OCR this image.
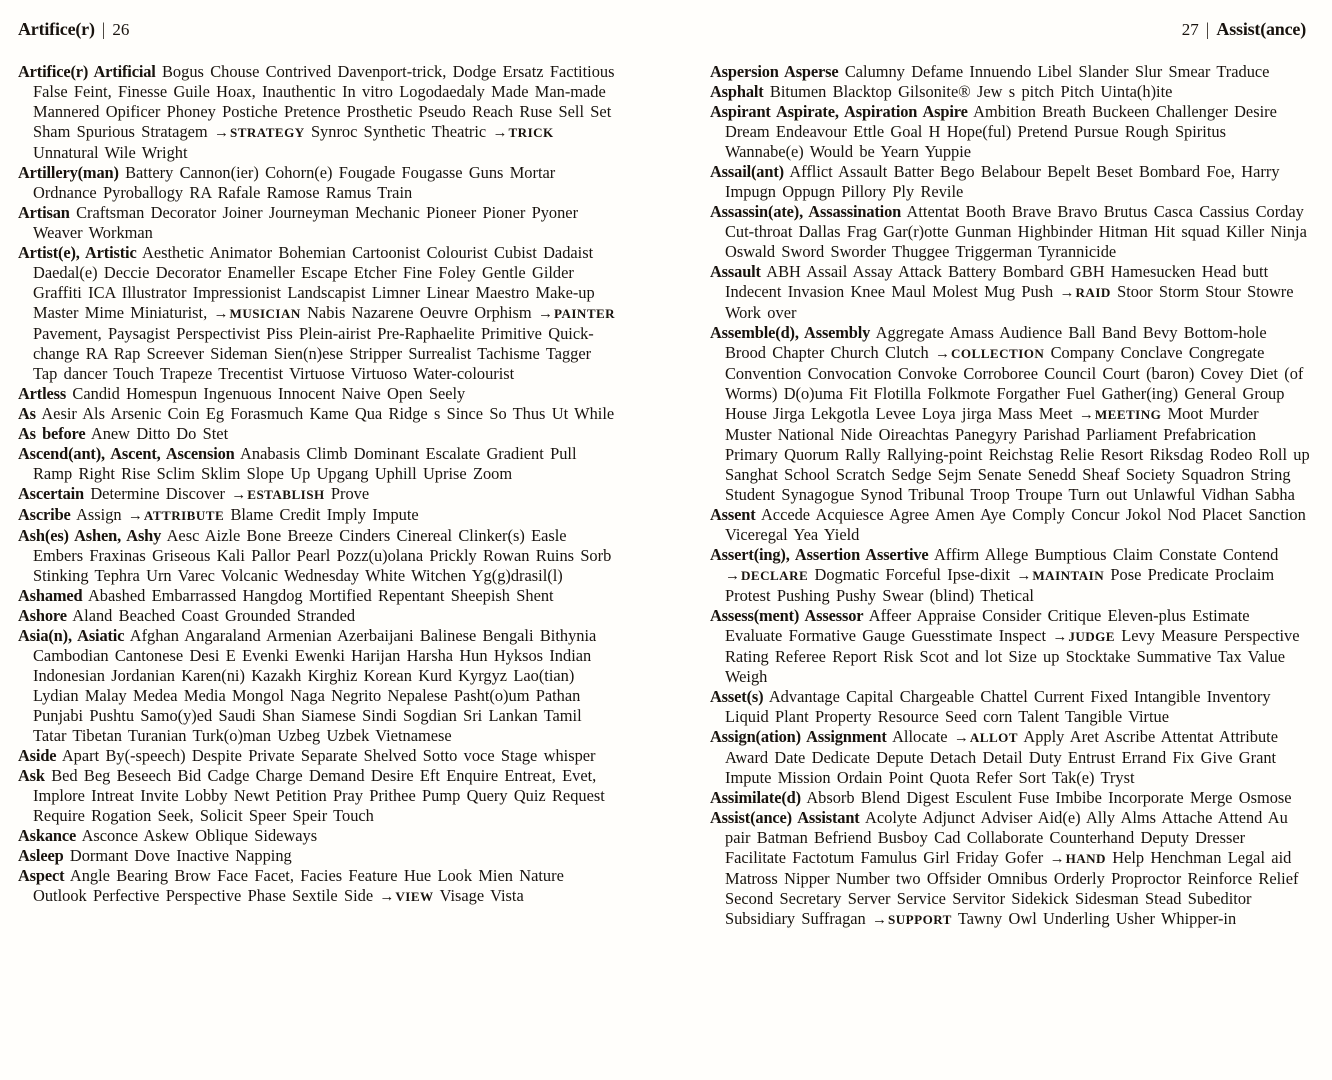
Artifice(r) | 26	27 | Assist(ance)

Artifice(r) Artificial Bogus Chouse Contrived Davenport-trick, Dodge Ersatz Factitious False Feint, Finesse Guile Hoax, Inauthentic In vitro Logodaedaly Made Man-made Mannered Opificer Phoney Postiche Pretence Prosthetic Pseudo Reach Ruse Sell Set Sham Spurious Stratagem →STRATEGY Synroc Synthetic Theatric →TRICK Unnatural Wile Wright

Artillery(man) Battery Cannon(ier) Cohorn(e) Fougade Fougasse Guns Mortar Ordnance Pyroballogy RA Rafale Ramose Ramus Train

Artisan Craftsman Decorator Joiner Journeyman Mechanic Pioneer Pioner Pyoner Weaver Workman

Artist(e), Artistic Aesthetic Animator Bohemian Cartoonist Colourist Cubist Dadaist Daedal(e) Deccie Decorator Enameller Escape Etcher Fine Foley Gentle Gilder Graffiti ICA Illustrator Impressionist Landscapist Limner Linear Maestro Make-up Master Mime Miniaturist, →MUSICIAN Nabis Nazarene Oeuvre Orphism →PAINTER Pavement, Paysagist Perspectivist Piss Plein-airist Pre-Raphaelite Primitive Quick-change RA Rap Screever Sideman Sien(n)ese Stripper Surrealist Tachisme Tagger Tap dancer Touch Trapeze Trecentist Virtuose Virtuoso Water-colourist

Artless Candid Homespun Ingenuous Innocent Naive Open Seely

As Aesir Als Arsenic Coin Eg Forasmuch Kame Qua Ridge s Since So Thus Ut While

As before Anew Ditto Do Stet

Ascend(ant), Ascent, Ascension Anabasis Climb Dominant Escalate Gradient Pull Ramp Right Rise Sclim Sklim Slope Up Upgang Uphill Uprise Zoom

Ascertain Determine Discover →ESTABLISH Prove

Ascribe Assign →ATTRIBUTE Blame Credit Imply Impute

Ash(es) Ashen, Ashy Aesc Aizle Bone Breeze Cinders Cinereal Clinker(s) Easle Embers Fraxinas Griseous Kali Pallor Pearl Pozz(u)olana Prickly Rowan Ruins Sorb Stinking Tephra Urn Varec Volcanic Wednesday White Witchen Yg(g)drasil(l)

Ashamed Abashed Embarrassed Hangdog Mortified Repentant Sheepish Shent

Ashore Aland Beached Coast Grounded Stranded

Asia(n), Asiatic Afghan Angaraland Armenian Azerbaijani Balinese Bengali Bithynia Cambodian Cantonese Desi E Evenki Ewenki Harijan Harsha Hun Hyksos Indian Indonesian Jordanian Karen(ni) Kazakh Kirghiz Korean Kurd Kyrgyz Lao(tian) Lydian Malay Medea Media Mongol Naga Negrito Nepalese Pasht(o)um Pathan Punjabi Pushtu Samo(y)ed Saudi Shan Siamese Sindi Sogdian Sri Lankan Tamil Tatar Tibetan Turanian Turk(o)man Uzbeg Uzbek Vietnamese

Aside Apart By(-speech) Despite Private Separate Shelved Sotto voce Stage whisper

Ask Bed Beg Beseech Bid Cadge Charge Demand Desire Eft Enquire Entreat, Evet, Implore Intreat Invite Lobby Newt Petition Pray Prithee Pump Query Quiz Request Require Rogation Seek, Solicit Speer Speir Touch

Askance Asconce Askew Oblique Sideways

Asleep Dormant Dove Inactive Napping

Aspect Angle Bearing Brow Face Facet, Facies Feature Hue Look Mien Nature Outlook Perfective Perspective Phase Sextile Side →VIEW Visage Vista

Aspersion Asperse Calumny Defame Innuendo Libel Slander Slur Smear Traduce

Asphalt Bitumen Blacktop Gilsonite® Jew s pitch Pitch Uinta(h)ite

Aspirant Aspirate, Aspiration Aspire Ambition Breath Buckeen Challenger Desire Dream Endeavour Ettle Goal H Hope(ful) Pretend Pursue Rough Spiritus Wannabe(e) Would be Yearn Yuppie

Assail(ant) Afflict Assault Batter Bego Belabour Bepelt Beset Bombard Foe, Harry Impugn Oppugn Pillory Ply Revile

Assassin(ate), Assassination Attentat Booth Brave Bravo Brutus Casca Cassius Corday Cut-throat Dallas Frag Gar(r)otte Gunman Highbinder Hitman Hit squad Killer Ninja Oswald Sword Sworder Thuggee Triggerman Tyrannicide

Assault ABH Assail Assay Attack Battery Bombard GBH Hamesucken Head butt Indecent Invasion Knee Maul Molest Mug Push →RAID Stoor Storm Stour Stowre Work over

Assemble(d), Assembly Aggregate Amass Audience Ball Band Bevy Bottom-hole Brood Chapter Church Clutch →COLLECTION Company Conclave Congregate Convention Convocation Convoke Corroboree Council Court (baron) Covey Diet (of Worms) D(o)uma Fit Flotilla Folkmote Forgather Fuel Gather(ing) General Group House Jirga Lekgotla Levee Loya jirga Mass Meet →MEETING Moot Murder Muster National Nide Oireachtas Panegyry Parishad Parliament Prefabrication Primary Quorum Rally Rallying-point Reichstag Relie Resort Riksdag Rodeo Roll up Sanghat School Scratch Sedge Sejm Senate Senedd Sheaf Society Squadron String Student Synagogue Synod Tribunal Troop Troupe Turn out Unlawful Vidhan Sabha

Assent Accede Acquiesce Agree Amen Aye Comply Concur Jokol Nod Placet Sanction Viceregal Yea Yield

Assert(ing), Assertion Assertive Affirm Allege Bumptious Claim Constate Contend →DECLARE Dogmatic Forceful Ipse-dixit →MAINTAIN Pose Predicate Proclaim Protest Pushing Pushy Swear (blind) Thetical

Assess(ment) Assessor Affeer Appraise Consider Critique Eleven-plus Estimate Evaluate Formative Gauge Guesstimate Inspect →JUDGE Levy Measure Perspective Rating Referee Report Risk Scot and lot Size up Stocktake Summative Tax Value Weigh

Asset(s) Advantage Capital Chargeable Chattel Current Fixed Intangible Inventory Liquid Plant Property Resource Seed corn Talent Tangible Virtue

Assign(ation) Assignment Allocate →ALLOT Apply Aret Ascribe Attentat Attribute Award Date Dedicate Depute Detach Detail Duty Entrust Errand Fix Give Grant Impute Mission Ordain Point Quota Refer Sort Tak(e) Tryst

Assimilate(d) Absorb Blend Digest Esculent Fuse Imbibe Incorporate Merge Osmose

Assist(ance) Assistant Acolyte Adjunct Adviser Aid(e) Ally Alms Attache Attend Au pair Batman Befriend Busboy Cad Collaborate Counterhand Deputy Dresser Facilitate Factotum Famulus Girl Friday Gofer →HAND Help Henchman Legal aid Matross Nipper Number two Offsider Omnibus Orderly Proproctor Reinforce Relief Second Secretary Server Service Servitor Sidekick Sidesman Stead Subeditor Subsidiary Suffragan →SUPPORT Tawny Owl Underling Usher Whipper-in
